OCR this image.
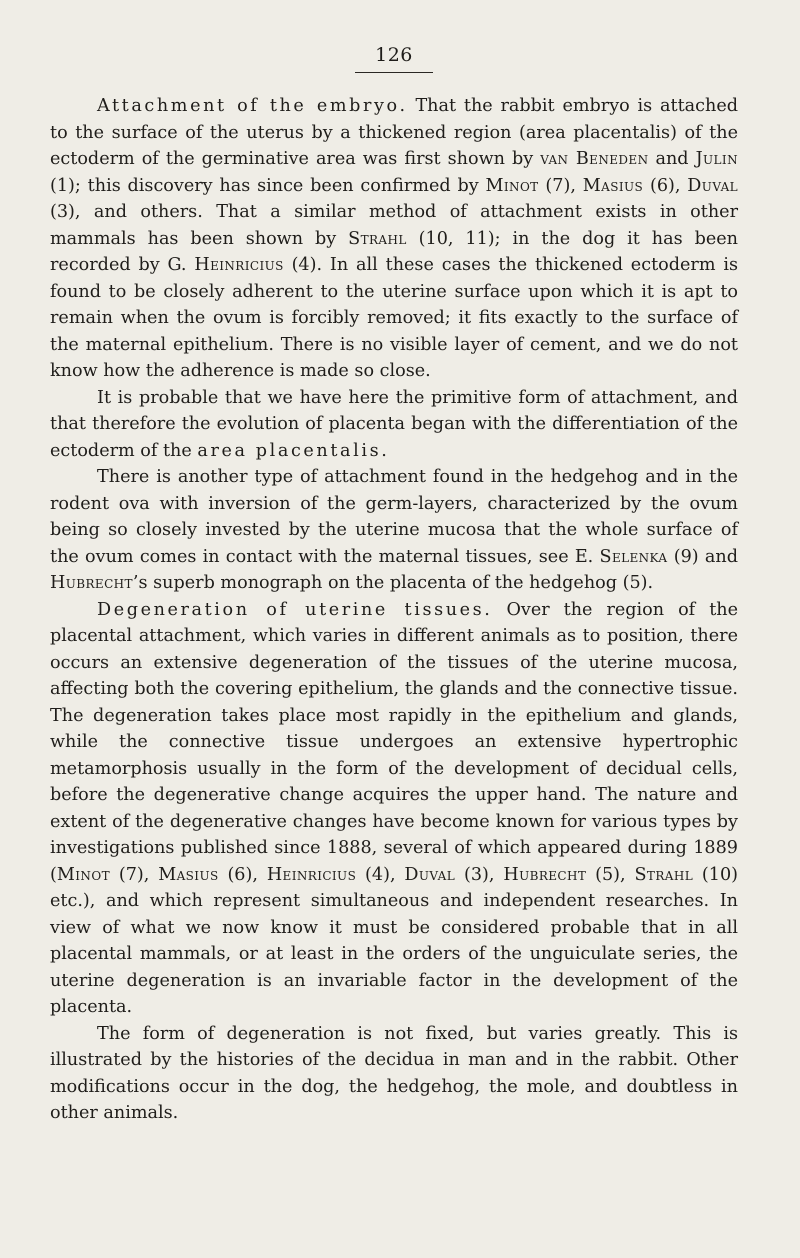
126

Attachment of the embryo. That the rabbit embryo is attached to the surface of the uterus by a thickened region (area placentalis) of the ectoderm of the germinative area was first shown by van Beneden and Julin (1); this discovery has since been confirmed by Minot (7), Masius (6), Duval (3), and others. That a similar method of attachment exists in other mammals has been shown by Strahl (10, 11); in the dog it has been recorded by G. Heinricius (4). In all these cases the thickened ectoderm is found to be closely adherent to the uterine surface upon which it is apt to remain when the ovum is forcibly removed; it fits exactly to the surface of the maternal epithelium. There is no visible layer of cement, and we do not know how the adherence is made so close.

It is probable that we have here the primitive form of attachment, and that therefore the evolution of placenta began with the differentiation of the ectoderm of the area placentalis.

There is another type of attachment found in the hedgehog and in the rodent ova with inversion of the germ-layers, characterized by the ovum being so closely invested by the uterine mucosa that the whole surface of the ovum comes in contact with the maternal tissues, see E. Selenka (9) and Hubrecht’s superb monograph on the placenta of the hedgehog (5).

Degeneration of uterine tissues. Over the region of the placental attachment, which varies in different animals as to position, there occurs an extensive degeneration of the tissues of the uterine mucosa, affecting both the covering epithelium, the glands and the connective tissue. The degeneration takes place most rapidly in the epithelium and glands, while the connective tissue undergoes an extensive hypertrophic metamorphosis usually in the form of the development of decidual cells, before the degenerative change acquires the upper hand. The nature and extent of the degenerative changes have become known for various types by investigations published since 1888, several of which appeared during 1889 (Minot (7), Masius (6), Heinricius (4), Duval (3), Hubrecht (5), Strahl (10) etc.), and which represent simultaneous and independent researches. In view of what we now know it must be considered probable that in all placental mammals, or at least in the orders of the unguiculate series, the uterine degeneration is an invariable factor in the development of the placenta.

The form of degeneration is not fixed, but varies greatly. This is illustrated by the histories of the decidua in man and in the rabbit. Other modifications occur in the dog, the hedgehog, the mole, and doubtless in other animals.
